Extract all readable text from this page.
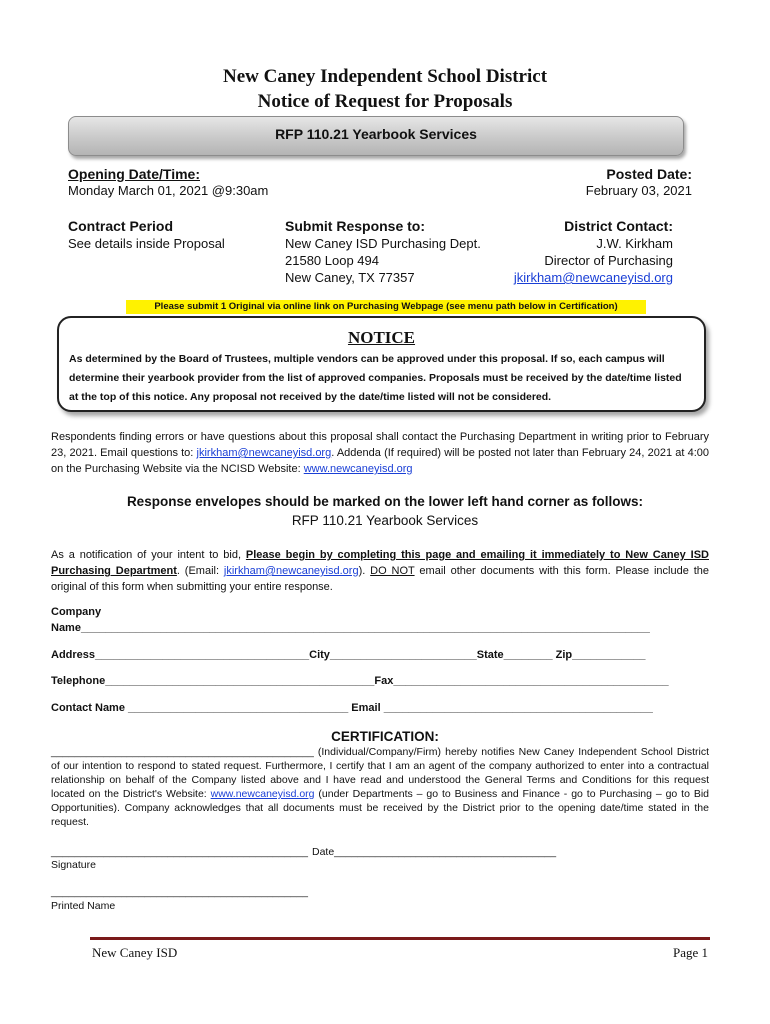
New Caney Independent School District
Notice of Request for Proposals
RFP 110.21 Yearbook Services
Opening Date/Time:
Monday March 01, 2021 @9:30am
Posted Date:
February 03, 2021
Contract Period
See details inside Proposal
Submit Response to:
New Caney ISD Purchasing Dept.
21580 Loop 494
New Caney, TX 77357
District Contact:
J.W. Kirkham
Director of Purchasing
jkirkham@newcaneyisd.org
Please submit 1 Original via online link on Purchasing Webpage (see menu path below in Certification)
NOTICE
As determined by the Board of Trustees, multiple vendors can be approved under this proposal. If so, each campus will determine their yearbook provider from the list of approved companies. Proposals must be received by the date/time listed at the top of this notice. Any proposal not received by the date/time listed will not be considered.
Respondents finding errors or have questions about this proposal shall contact the Purchasing Department in writing prior to February 23, 2021. Email questions to: jkirkham@newcaneyisd.org. Addenda (If required) will be posted not later than February 24, 2021 at 4:00 on the Purchasing Website via the NCISD Website: www.newcaneyisd.org
Response envelopes should be marked on the lower left hand corner as follows:
RFP 110.21 Yearbook Services
As a notification of your intent to bid, Please begin by completing this page and emailing it immediately to New Caney ISD Purchasing Department. (Email: jkirkham@newcaneyisd.org). DO NOT email other documents with this form. Please include the original of this form when submitting your entire response.
Company
Name_____________________________________________________________________________________________
Address___________________________________City________________________State________ Zip____________
Telephone____________________________________________Fax_____________________________________________
Contact Name ____________________________________ Email ____________________________________________
CERTIFICATION:
_____________________________________________ (Individual/Company/Firm) hereby notifies New Caney Independent School District of our intention to respond to stated request. Furthermore, I certify that I am an agent of the company authorized to enter into a contractual relationship on behalf of the Company listed above and I have read and understood the General Terms and Conditions for this request located on the District's Website: www.newcaneyisd.org (under Departments – go to Business and Finance - go to Purchasing – go to Bid Opportunities). Company acknowledges that all documents must be received by the District prior to the opening date/time stated in the request.
____________________________________________ Date______________________________________
Signature
____________________________________________
Printed Name
New Caney ISD	Page 1
